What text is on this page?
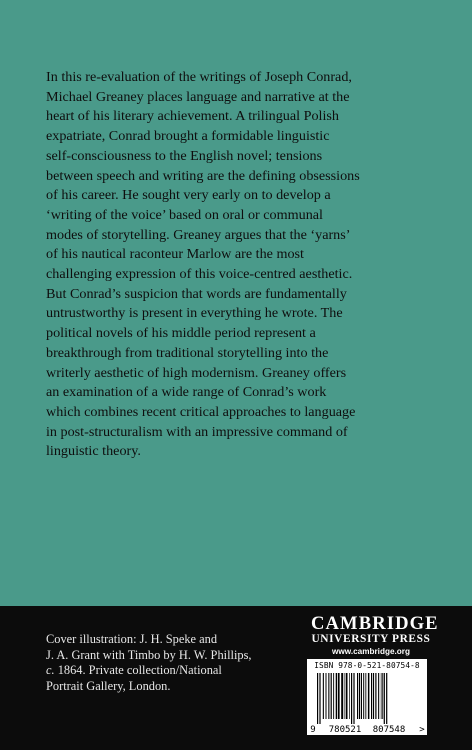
In this re-evaluation of the writings of Joseph Conrad,
Michael Greaney places language and narrative at the
heart of his literary achievement. A trilingual Polish
expatriate, Conrad brought a formidable linguistic
self-consciousness to the English novel; tensions
between speech and writing are the defining obsessions
of his career. He sought very early on to develop a
‘writing of the voice’ based on oral or communal
modes of storytelling. Greaney argues that the ‘yarns’
of his nautical raconteur Marlow are the most
challenging expression of this voice-centred aesthetic.
But Conrad’s suspicion that words are fundamentally
untrustworthy is present in everything he wrote. The
political novels of his middle period represent a
breakthrough from traditional storytelling into the
writerly aesthetic of high modernism. Greaney offers
an examination of a wide range of Conrad’s work
which combines recent critical approaches to language
in post-structuralism with an impressive command of
linguistic theory.
Cover illustration: J. H. Speke and
J. A. Grant with Timbo by H. W. Phillips,
c. 1864. Private collection/National
Portrait Gallery, London.
CAMBRIDGE
UNIVERSITY PRESS
www.cambridge.org
ISBN 978-0-521-80754-8
9 780521 807548 >
